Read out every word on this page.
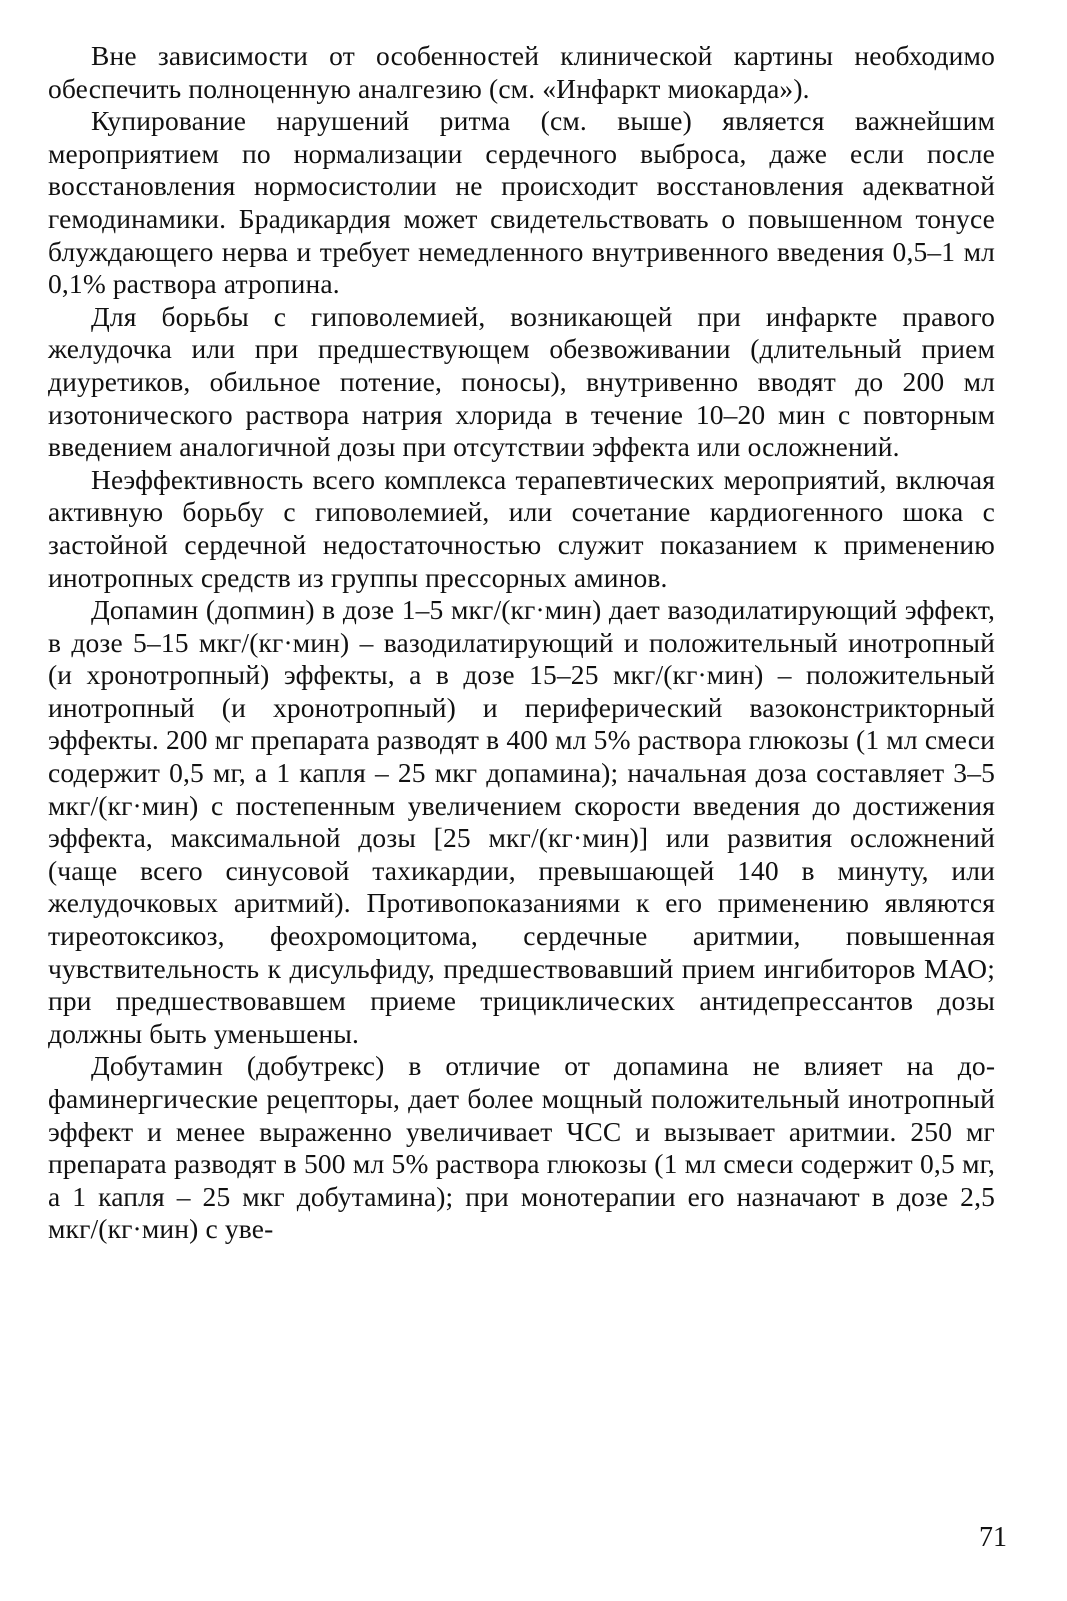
Вне зависимости от особенностей клинической картины необходимо обеспечить полноценную аналгезию (см. «Инфаркт миокарда»).

Купирование нарушений ритма (см. выше) является важнейшим мероприятием по нормализации сердечного выброса, даже если после восстановления нормосистолии не происходит восстановления адекватной гемодинамики. Брадикардия может свидетельствовать о повышенном тонусе блуждающего нерва и требует немедленного внутривенного введения 0,5–1 мл 0,1% раствора атропина.

Для борьбы с гиповолемией, возникающей при инфаркте правого желудочка или при предшествующем обезвоживании (длительный прием диуретиков, обильное потение, поносы), внутривенно вводят до 200 мл изотонического раствора натрия хлорида в течение 10–20 мин с повторным введением аналогичной дозы при отсутствии эффекта или осложнений.

Неэффективность всего комплекса терапевтических мероприятий, включая активную борьбу с гиповолемией, или сочетание кардиогенного шока с застойной сердечной недостаточностью служит показанием к применению инотропных средств из группы прессорных аминов.

Допамин (допмин) в дозе 1–5 мкг/(кг·мин) дает вазодилатирующий эффект, в дозе 5–15 мкг/(кг·мин) – вазодилатирующий и положительный инотропный (и хронотропный) эффекты, а в дозе 15–25 мкг/(кг·мин) – положительный инотропный (и хронотропный) и периферический вазоконстрикторный эффекты. 200 мг препарата разводят в 400 мл 5% раствора глюкозы (1 мл смеси содержит 0,5 мг, а 1 капля – 25 мкг допамина); начальная доза составляет 3–5 мкг/(кг·мин) с постепенным увеличением скорости введения до достижения эффекта, максимальной дозы [25 мкг/(кг·мин)] или развития осложнений (чаще всего синусовой тахикардии, превышающей 140 в минуту, или желудочковых аритмий). Противопоказаниями к его применению являются тиреотоксикоз, феохромоцитома, сердечные аритмии, повышенная чувствительность к дисульфиду, предшествовавший прием ингибиторов МАО; при предшествовавшем приеме трициклических антидепрессантов дозы должны быть уменьшены.

Добутамин (добутрекс) в отличие от допамина не влияет на дофаминергические рецепторы, дает более мощный положительный инотропный эффект и менее выраженно увеличивает ЧСС и вызывает аритмии. 250 мг препарата разводят в 500 мл 5% раствора глюкозы (1 мл смеси содержит 0,5 мг, а 1 капля – 25 мкг добутамина); при монотерапии его назначают в дозе 2,5 мкг/(кг·мин) с уве-

71
